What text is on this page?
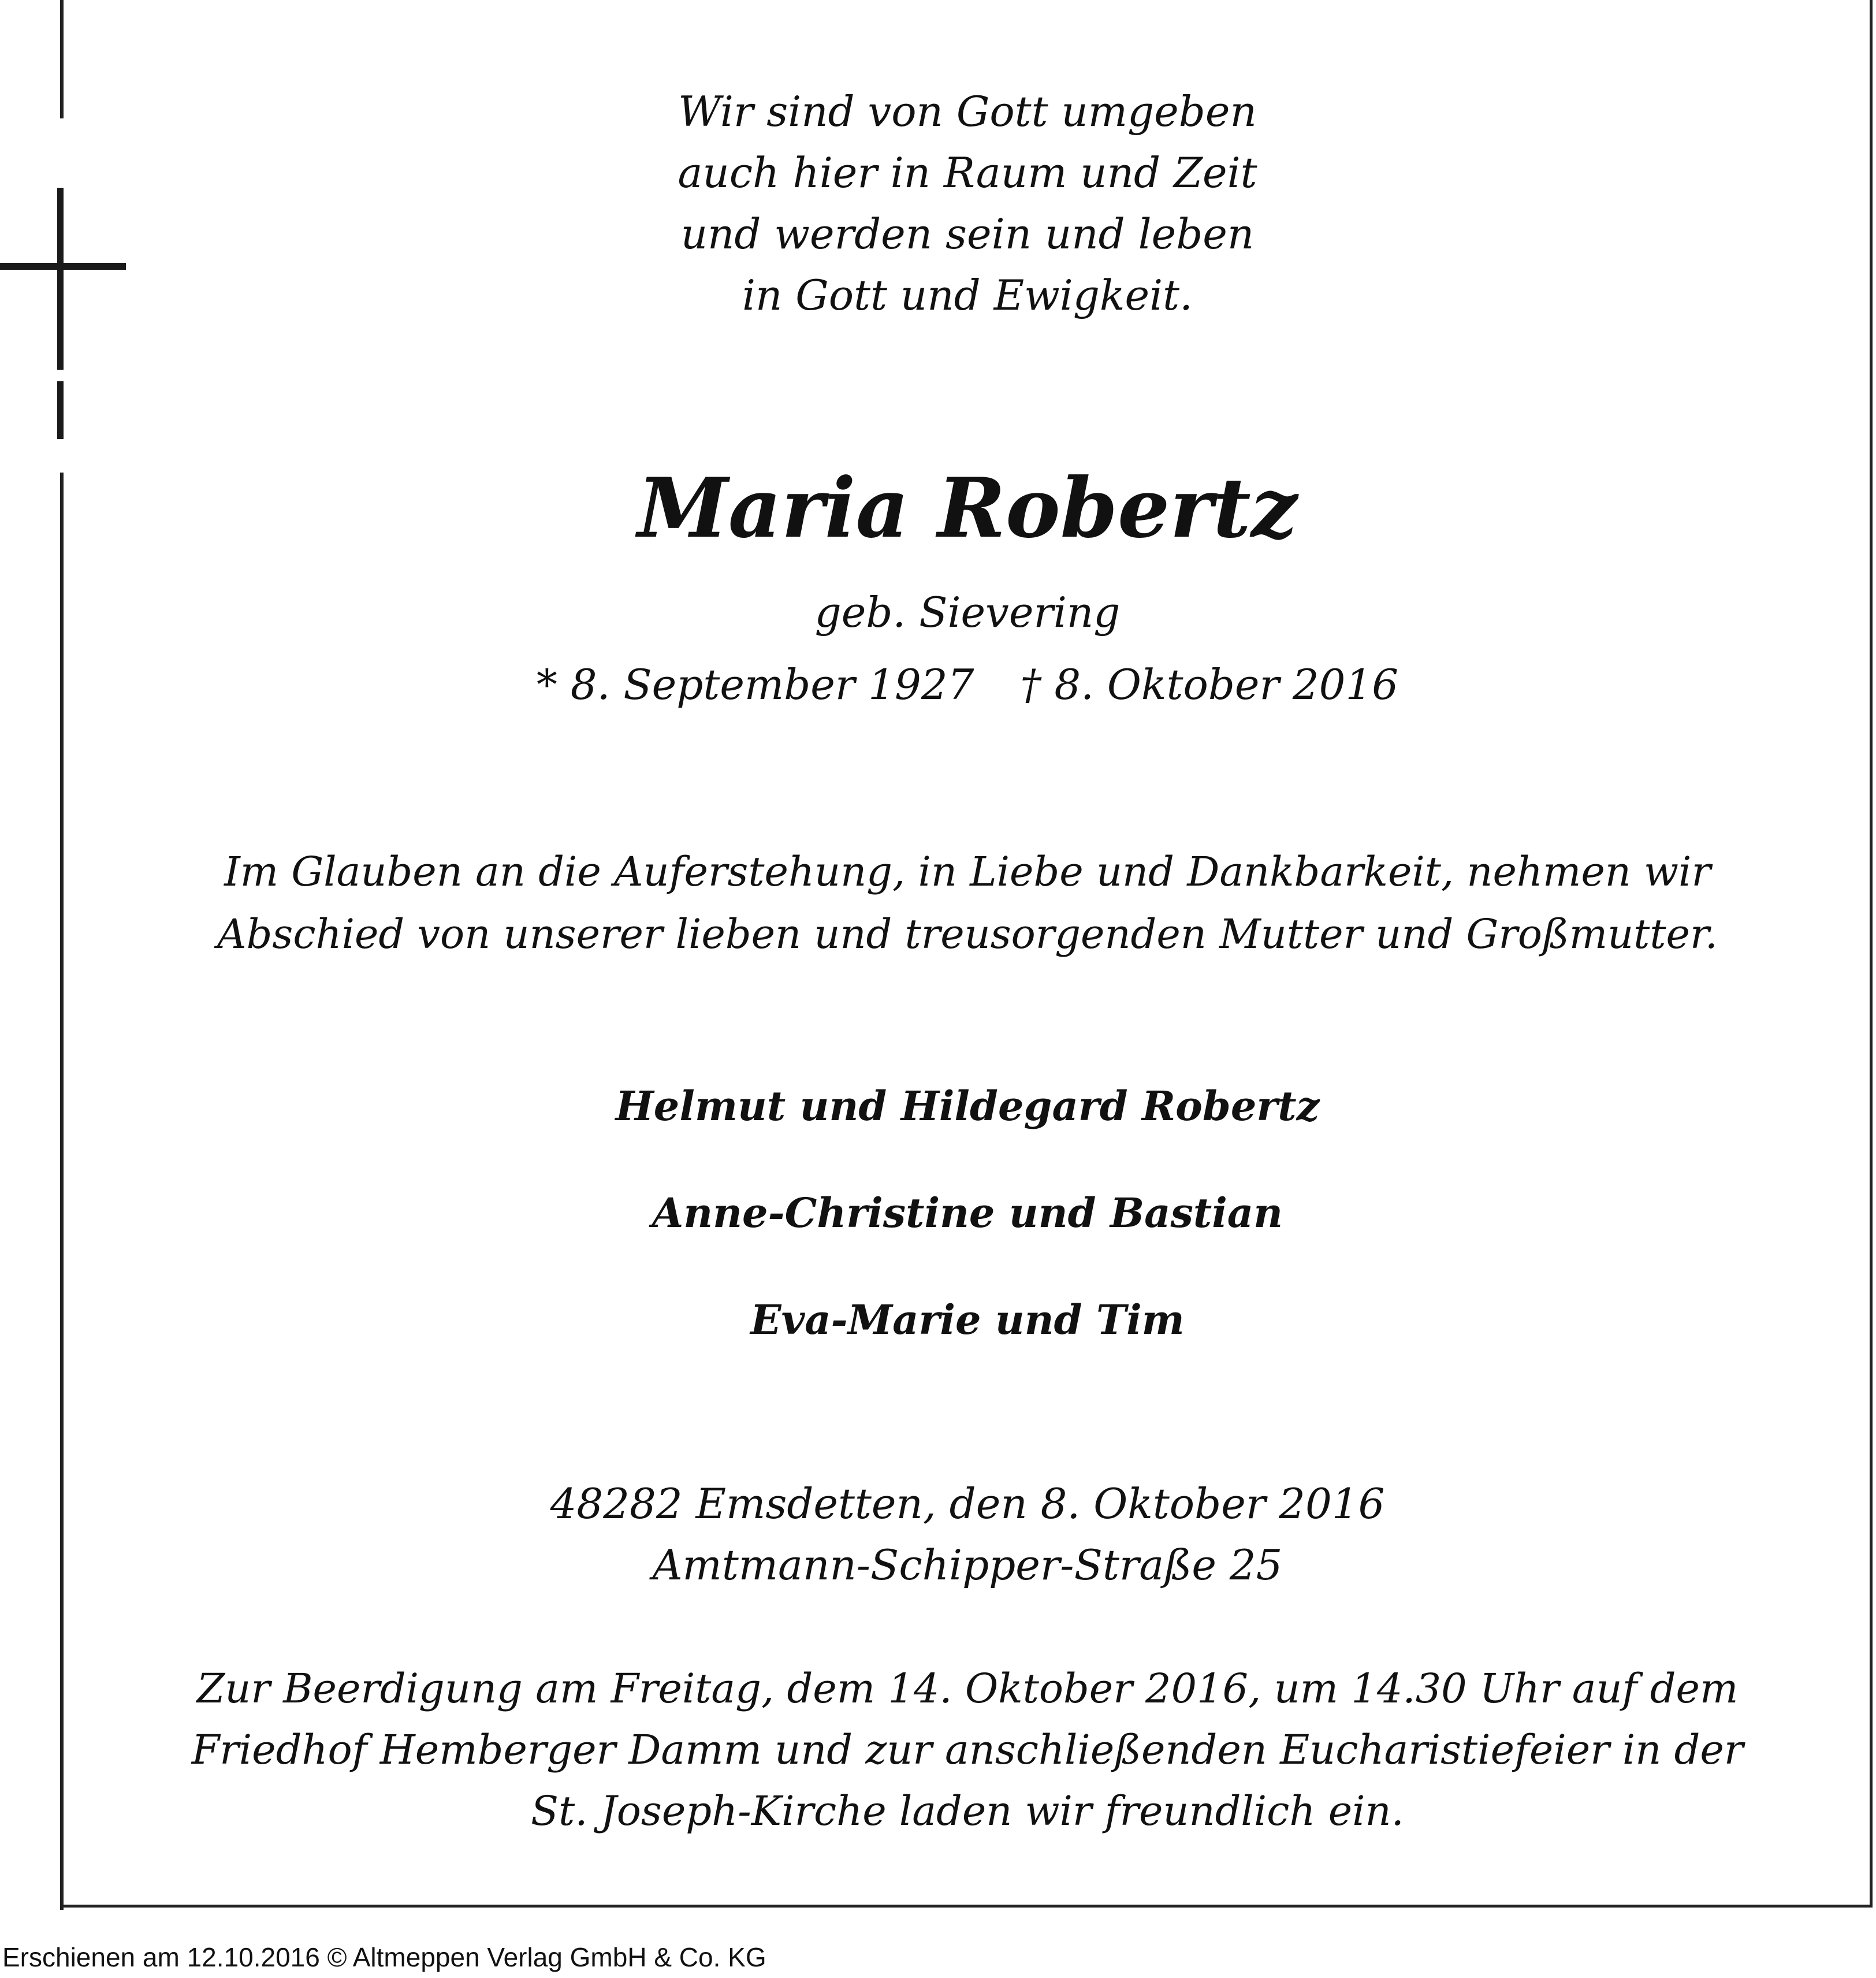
Wir sind von Gott umgeben
auch hier in Raum und Zeit
und werden sein und leben
in Gott und Ewigkeit.
Maria Robertz
geb. Sievering
* 8. September 1927 † 8. Oktober 2016
Im Glauben an die Auferstehung, in Liebe und Dankbarkeit, nehmen wir
Abschied von unserer lieben und treusorgenden Mutter und Großmutter.
Helmut und Hildegard Robertz
Anne-Christine und Bastian
Eva-Marie und Tim
48282 Emsdetten, den 8. Oktober 2016
Amtmann-Schipper-Straße 25
Zur Beerdigung am Freitag, dem 14. Oktober 2016, um 14.30 Uhr auf dem
Friedhof Hemberger Damm und zur anschließenden Eucharistiefeier in der
St. Joseph-Kirche laden wir freundlich ein.
Erschienen am 12.10.2016 © Altmeppen Verlag GmbH & Co. KG
